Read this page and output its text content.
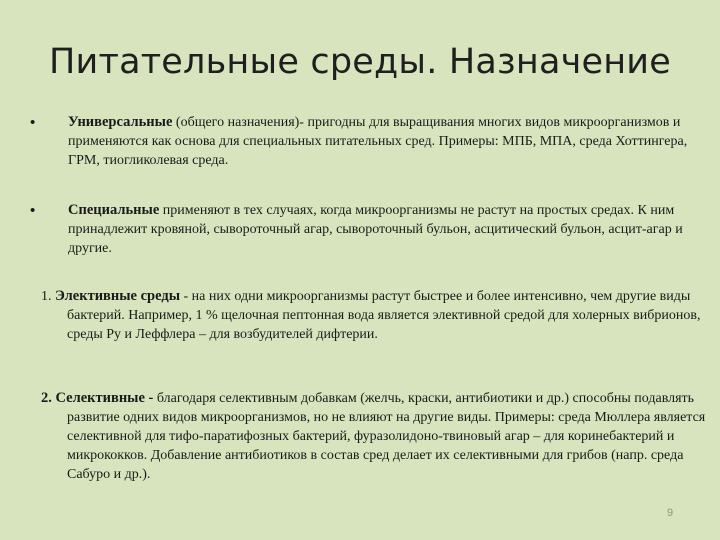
Питательные среды. Назначение
• Универсальные (общего назначения)- пригодны для выращивания многих видов микроорганизмов и применяются как основа для специальных питательных сред. Примеры: МПБ, МПА, среда Хоттингера, ГРМ, тиогликолевая среда.
• Специальные применяют в тех случаях, когда микроорганизмы не растут на простых средах. К ним принадлежит кровяной, сывороточный агар, сывороточный бульон, асцитический бульон, асцит-агар и другие.
1. Элективные среды - на них одни микроорганизмы растут быстрее и более интенсивно, чем другие виды бактерий. Например, 1 % щелочная пептонная вода является элективной средой для холерных вибрионов, среды Ру и Леффлера – для возбудителей дифтерии.
2. Селективные - благодаря селективным добавкам (желчь, краски, антибиотики и др.) способны подавлять развитие одних видов микроорганизмов, но не влияют на другие виды. Примеры: среда Мюллера является селективной для тифо-паратифозных бактерий, фуразолидоно-твиновый агар – для коринебактерий и микрококков. Добавление антибиотиков в состав сред делает их селективными для грибов (напр. среда Сабуро и др.).
9
